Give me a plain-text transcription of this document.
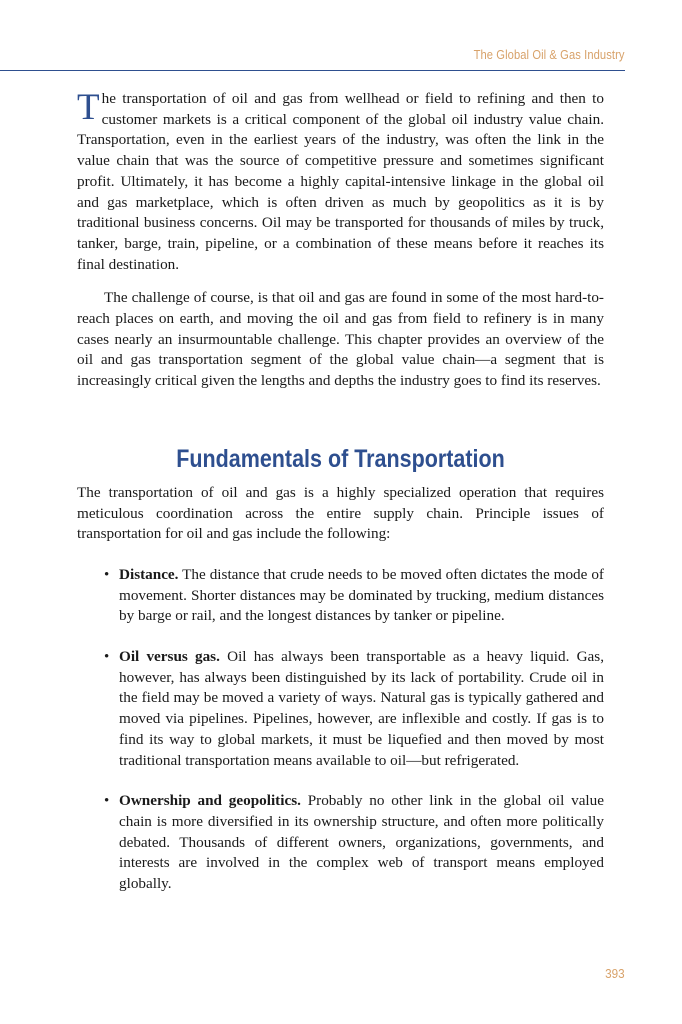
The Global Oil & Gas Industry

The transportation of oil and gas from wellhead or field to refining and then to customer markets is a critical component of the global oil industry value chain. Transportation, even in the earliest years of the industry, was often the link in the value chain that was the source of competitive pressure and sometimes significant profit. Ultimately, it has become a highly capital-intensive linkage in the global oil and gas marketplace, which is often driven as much by geopolitics as it is by traditional business concerns. Oil may be transported for thousands of miles by truck, tanker, barge, train, pipeline, or a combination of these means before it reaches its final destination.

The challenge of course, is that oil and gas are found in some of the most hard-to-reach places on earth, and moving the oil and gas from field to refinery is in many cases nearly an insurmountable challenge. This chapter provides an overview of the oil and gas transportation segment of the global value chain—a segment that is increasingly critical given the lengths and depths the industry goes to find its reserves.

Fundamentals of Transportation

The transportation of oil and gas is a highly specialized operation that requires meticulous coordination across the entire supply chain. Principle issues of transportation for oil and gas include the following:

• Distance. The distance that crude needs to be moved often dictates the mode of movement. Shorter distances may be dominated by trucking, medium distances by barge or rail, and the longest distances by tanker or pipeline.
• Oil versus gas. Oil has always been transportable as a heavy liquid. Gas, however, has always been distinguished by its lack of portability. Crude oil in the field may be moved a variety of ways. Natural gas is typically gathered and moved via pipelines. Pipelines, however, are inflexible and costly. If gas is to find its way to global markets, it must be liquefied and then moved by most traditional transportation means available to oil—but refrigerated.
• Ownership and geopolitics. Probably no other link in the global oil value chain is more diversified in its ownership structure, and often more politically debated. Thousands of different owners, organizations, governments, and interests are involved in the complex web of transport means employed globally.
393
